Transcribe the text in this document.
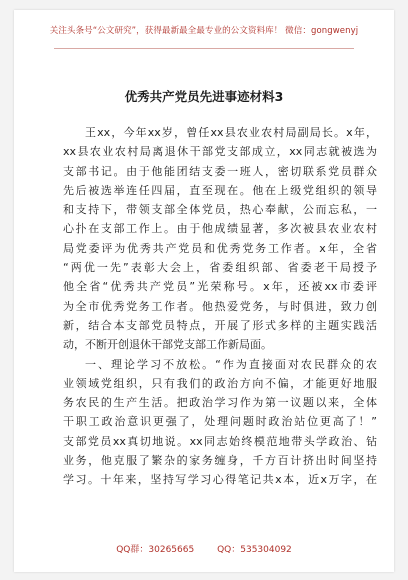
关注头条号“公文研究”，获得最新最全最专业的公文资料库！ 微信：gongwenyj
优秀共产党员先进事迹材料3
王xx，今年xx岁，曾任xx县农业农村局副局长。x年，
xx县农业农村局离退休干部党支部成立，xx同志就被选为
支部书记。由于他能团结支委一班人，密切联系党员群众
先后被选举连任四届，直至现在。他在上级党组织的领导
和支持下，带领支部全体党员，热心奉献，公而忘私，一
心扑在支部工作上。由于他成绩显著，多次被县农业农村
局党委评为优秀共产党员和优秀党务工作者。x年，全省
“两优一先”表彰大会上，省委组织部、省委老干局授予
他全省“优秀共产党员”光荣称号。x年，还被xx市委评
为全市优秀党务工作者。他热爱党务，与时俱进，致力创
新，结合本支部党员特点，开展了形式多样的主题实践活
动，不断开创退休干部党支部工作新局面。
一、理论学习不放松。“作为直接面对农民群众的农
业领域党组织，只有我们的政治方向不偏，才能更好地服
务农民的生产生活。把政治学习作为第一议题以来，全体
干职工政治意识更强了，处理问题时政治站位更高了！”
支部党员xx真切地说。xx同志始终模范地带头学政治、钻
业务，他克服了繁杂的家务缠身，千方百计挤出时间坚持
学习。十年来，坚持写学习心得笔记共x本，近x万字，在
QQ群：30265665	QQ：535304092
